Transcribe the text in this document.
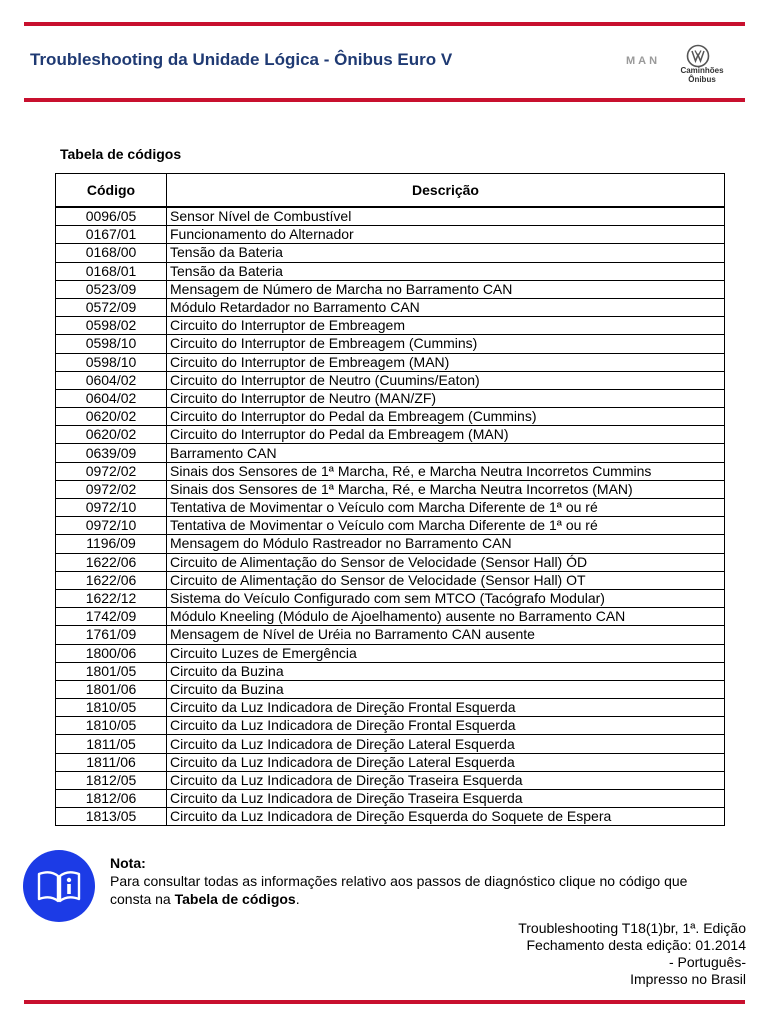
Troubleshooting da Unidade Lógica - Ônibus Euro V	MAN
Caminhões
Ônibus
Tabela de códigos
Código	Descrição
0096/05	Sensor Nível de Combustível
0167/01	Funcionamento do Alternador
0168/00	Tensão da Bateria
0168/01	Tensão da Bateria
0523/09	Mensagem de Número de Marcha no Barramento CAN
0572/09	Módulo Retardador no Barramento CAN
0598/02	Circuito do Interruptor de Embreagem
0598/10	Circuito do Interruptor de Embreagem (Cummins)
0598/10	Circuito do Interruptor de Embreagem (MAN)
0604/02	Circuito do Interruptor de Neutro (Cuumins/Eaton)
0604/02	Circuito do Interruptor de Neutro (MAN/ZF)
0620/02	Circuito do Interruptor do Pedal da Embreagem (Cummins)
0620/02	Circuito do Interruptor do Pedal da Embreagem (MAN)
0639/09	Barramento CAN
0972/02	Sinais dos Sensores de 1ª Marcha, Ré, e Marcha Neutra Incorretos Cummins
0972/02	Sinais dos Sensores de 1ª Marcha, Ré, e Marcha Neutra Incorretos (MAN)
0972/10	Tentativa de Movimentar o Veículo com Marcha Diferente de 1ª ou ré
0972/10	Tentativa de Movimentar o Veículo com Marcha Diferente de 1ª ou ré
1196/09	Mensagem do Módulo Rastreador no Barramento CAN
1622/06	Circuito de Alimentação do Sensor de Velocidade (Sensor Hall) ÓD
1622/06	Circuito de Alimentação do Sensor de Velocidade (Sensor Hall) OT
1622/12	Sistema do Veículo Configurado com sem MTCO (Tacógrafo Modular)
1742/09	Módulo Kneeling (Módulo de Ajoelhamento) ausente no Barramento CAN
1761/09	Mensagem de Nível de Uréia no Barramento CAN ausente
1800/06	Circuito Luzes de Emergência
1801/05	Circuito da Buzina
1801/06	Circuito da Buzina
1810/05	Circuito da Luz Indicadora de Direção Frontal Esquerda
1810/05	Circuito da Luz Indicadora de Direção Frontal Esquerda
1811/05	Circuito da Luz Indicadora de Direção Lateral Esquerda
1811/06	Circuito da Luz Indicadora de Direção Lateral Esquerda
1812/05	Circuito da Luz Indicadora de Direção Traseira Esquerda
1812/06	Circuito da Luz Indicadora de Direção Traseira Esquerda
1813/05	Circuito da Luz Indicadora de Direção Esquerda do Soquete de Espera
Nota:
Para consultar todas as informações relativo aos passos de diagnóstico clique no código que consta na Tabela de códigos.
Troubleshooting T18(1)br, 1ª. Edição
Fechamento desta edição: 01.2014
- Português-
Impresso no Brasil
